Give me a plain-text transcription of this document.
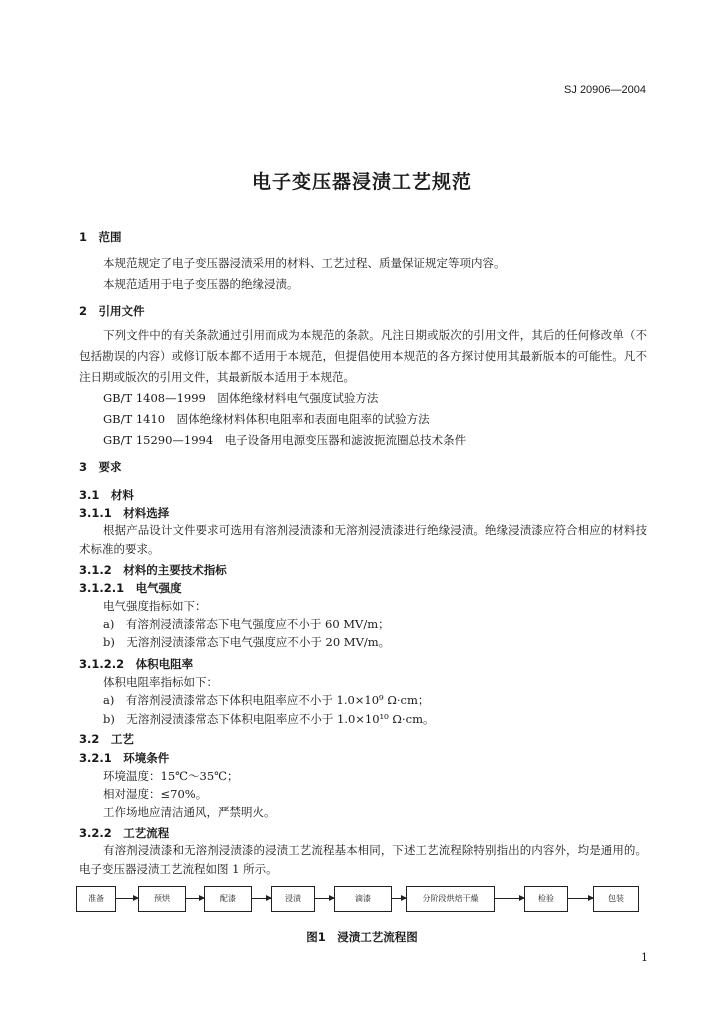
SJ 20906—2004
电子变压器浸渍工艺规范
1　范围
本规范规定了电子变压器浸渍采用的材料、工艺过程、质量保证规定等项内容。
本规范适用于电子变压器的绝缘浸渍。
2　引用文件
下列文件中的有关条款通过引用而成为本规范的条款。凡注日期或版次的引用文件，其后的任何修改单（不包括勘误的内容）或修订版本都不适用于本规范，但提倡使用本规范的各方探讨使用其最新版本的可能性。凡不注日期或版次的引用文件，其最新版本适用于本规范。
GB/T 1408—1999　固体绝缘材料电气强度试验方法
GB/T 1410　固体绝缘材料体积电阻率和表面电阻率的试验方法
GB/T 15290—1994　电子设备用电源变压器和滤波扼流圈总技术条件
3　要求
3.1　材料
3.1.1　材料选择
根据产品设计文件要求可选用有溶剂浸渍漆和无溶剂浸渍漆进行绝缘浸渍。绝缘浸渍漆应符合相应的材料技术标准的要求。
3.1.2　材料的主要技术指标
3.1.2.1　电气强度
电气强度指标如下：
a)　有溶剂浸渍漆常态下电气强度应不小于 60 MV/m；
b)　无溶剂浸渍漆常态下电气强度应不小于 20 MV/m。
3.1.2.2　体积电阻率
体积电阻率指标如下：
a)　有溶剂浸渍漆常态下体积电阻率应不小于 1.0×10⁹ Ω·cm；
b)　无溶剂浸渍漆常态下体积电阻率应不小于 1.0×10¹⁰ Ω·cm。
3.2　工艺
3.2.1　环境条件
环境温度：15℃～35℃；
相对湿度：≤70%。
工作场地应清洁通风，严禁明火。
3.2.2　工艺流程
有溶剂浸渍漆和无溶剂浸渍漆的浸渍工艺流程基本相同，下述工艺流程除特别指出的内容外，均是通用的。电子变压器浸渍工艺流程如图 1 所示。
准备	预烘	配漆	浸渍	滴漆	分阶段烘焙干燥	检验	包装
图1　浸渍工艺流程图
1
